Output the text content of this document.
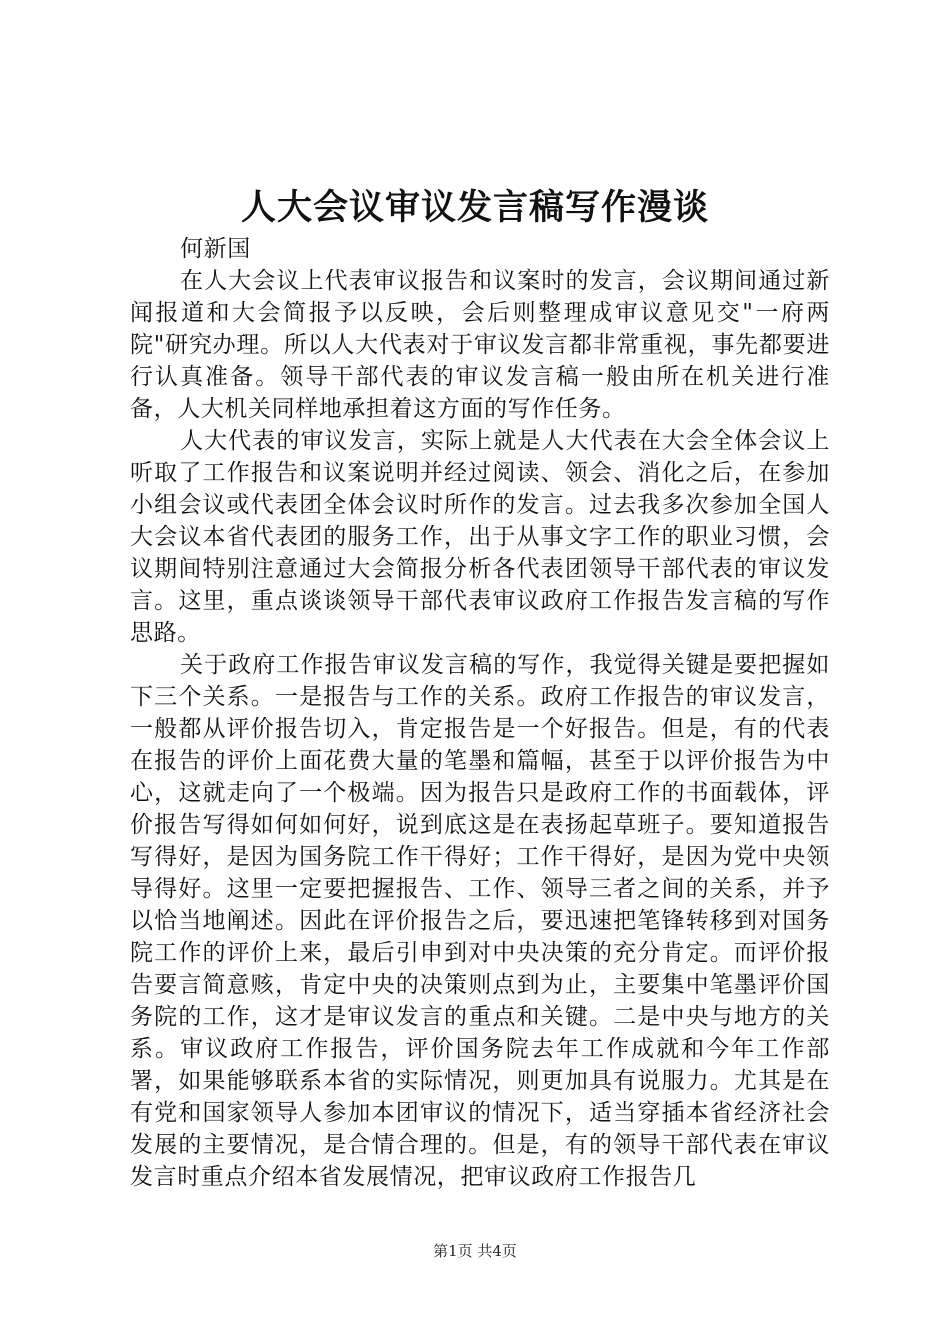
人大会议审议发言稿写作漫谈

何新国

在人大会议上代表审议报告和议案时的发言，会议期间通过新闻报道和大会简报予以反映，会后则整理成审议意见交"一府两院"研究办理。所以人大代表对于审议发言都非常重视，事先都要进行认真准备。领导干部代表的审议发言稿一般由所在机关进行准备，人大机关同样地承担着这方面的写作任务。

人大代表的审议发言，实际上就是人大代表在大会全体会议上听取了工作报告和议案说明并经过阅读、领会、消化之后，在参加小组会议或代表团全体会议时所作的发言。过去我多次参加全国人大会议本省代表团的服务工作，出于从事文字工作的职业习惯，会议期间特别注意通过大会简报分析各代表团领导干部代表的审议发言。这里，重点谈谈领导干部代表审议政府工作报告发言稿的写作思路。

关于政府工作报告审议发言稿的写作，我觉得关键是要把握如下三个关系。一是报告与工作的关系。政府工作报告的审议发言，一般都从评价报告切入，肯定报告是一个好报告。但是，有的代表在报告的评价上面花费大量的笔墨和篇幅，甚至于以评价报告为中心，这就走向了一个极端。因为报告只是政府工作的书面载体，评价报告写得如何如何好，说到底这是在表扬起草班子。要知道报告写得好，是因为国务院工作干得好；工作干得好，是因为党中央领导得好。这里一定要把握报告、工作、领导三者之间的关系，并予以恰当地阐述。因此在评价报告之后，要迅速把笔锋转移到对国务院工作的评价上来，最后引申到对中央决策的充分肯定。而评价报告要言简意赅，肯定中央的决策则点到为止，主要集中笔墨评价国务院的工作，这才是审议发言的重点和关键。二是中央与地方的关系。审议政府工作报告，评价国务院去年工作成就和今年工作部署，如果能够联系本省的实际情况，则更加具有说服力。尤其是在有党和国家领导人参加本团审议的情况下，适当穿插本省经济社会发展的主要情况，是合情合理的。但是，有的领导干部代表在审议发言时重点介绍本省发展情况，把审议政府工作报告几

第1页 共4页
